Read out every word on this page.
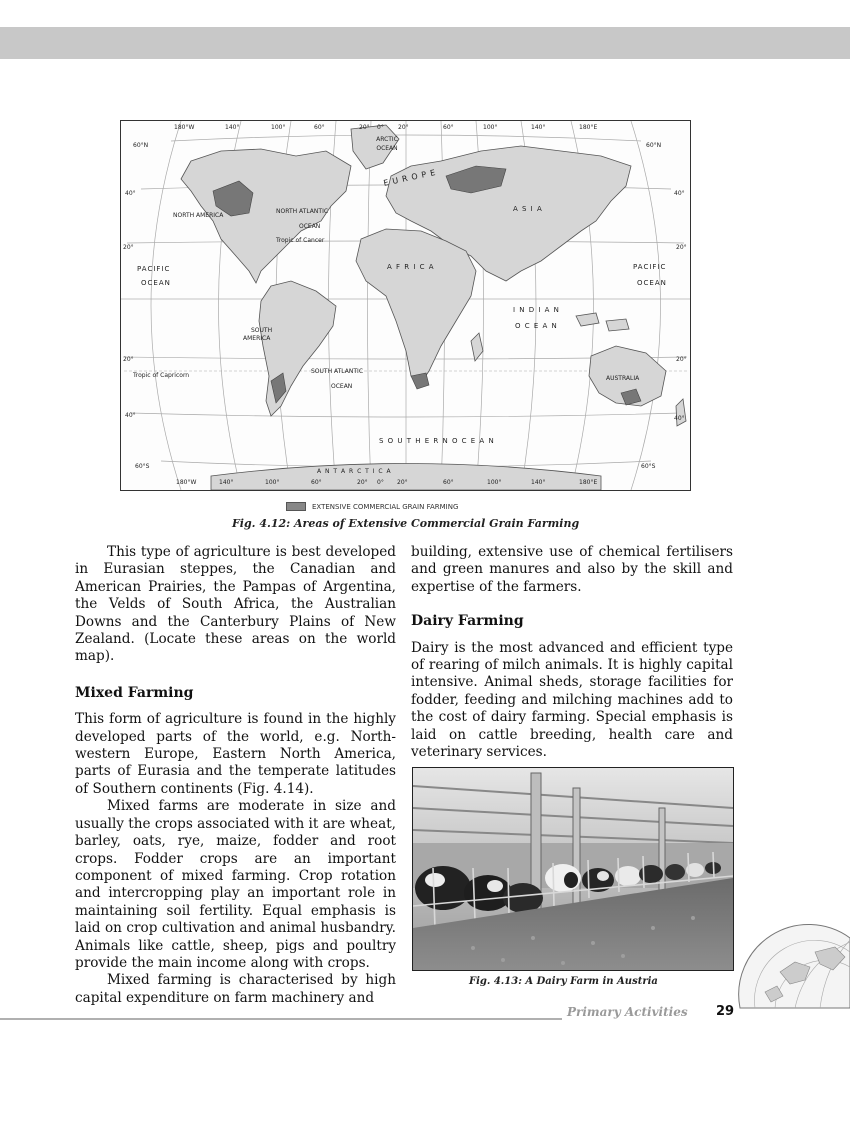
180°W	140°	100°	60°	20° 0° 20°	60°	100°	140°	180°E
180°W	140°	100°	60°	20° 0° 20°	60°	100°	140°	180°E
60°N
40°
20°
20°
40°
60°S
60°N
40°
20°
20°
40°
60°S
ARCTIC OCEAN
EUROPE
A S I A
NORTH AMERICA
NORTH ATLANTIC
OCEAN
Tropic of Cancer
PACIFIC
OCEAN
PACIFIC
OCEAN
A F R I C A
I N D I A N
O C E A N
SOUTH
AMERICA
Tropic of Capricorn
SOUTH ATLANTIC
OCEAN
AUSTRALIA
S O U T H E R N O C E A N
A N T A R C T I C A
EXTENSIVE COMMERCIAL GRAIN FARMING
Fig. 4.12: Areas of Extensive Commercial Grain Farming

This type of agriculture is best developed in Eurasian steppes, the Canadian and American Prairies, the Pampas of Argentina, the Velds of South Africa, the Australian Downs and the Canterbury Plains of New Zealand. (Locate these areas on the world map).

Mixed Farming

This form of agriculture is found in the highly developed parts of the world, e.g. North-western Europe, Eastern North America, parts of Eurasia and the temperate latitudes of Southern continents (Fig. 4.14).

Mixed farms are moderate in size and usually the crops associated with it are wheat, barley, oats, rye, maize, fodder and root crops. Fodder crops are an important component of mixed farming. Crop rotation and intercropping play an important role in maintaining soil fertility. Equal emphasis is laid on crop cultivation and animal husbandry. Animals like cattle, sheep, pigs and poultry provide the main income along with crops.

Mixed farming is characterised by high capital expenditure on farm machinery and

building, extensive use of chemical fertilisers and green manures and also by the skill and expertise of the farmers.

Dairy Farming

Dairy is the most advanced and efficient type of rearing of milch animals. It is highly capital intensive. Animal sheds, storage facilities for fodder, feeding and milching machines add to the cost of dairy farming. Special emphasis is laid on cattle breeding, health care and veterinary services.

Fig. 4.13: A Dairy Farm in Austria
Primary Activities 29
